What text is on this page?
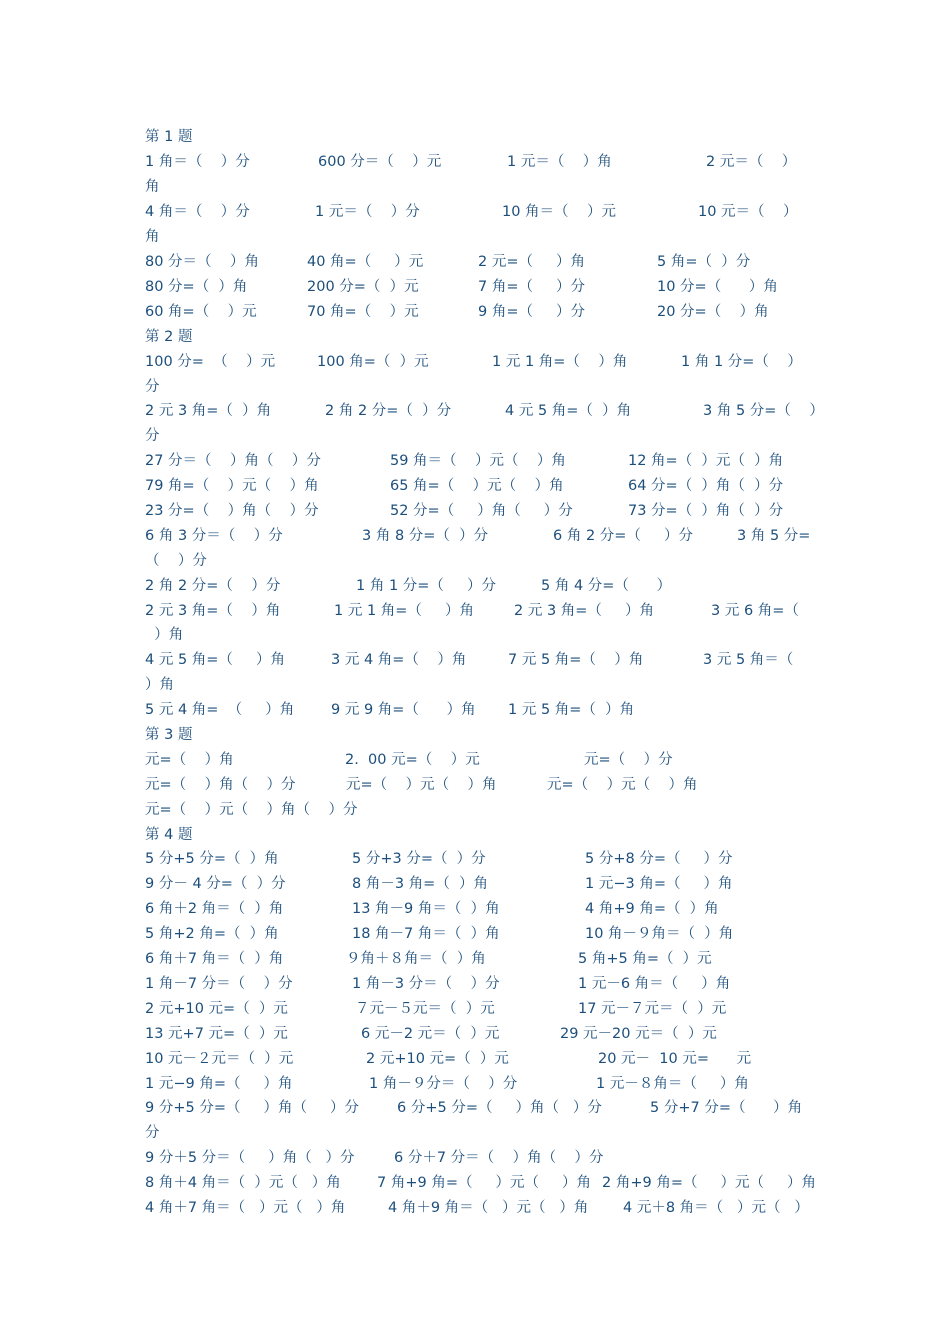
第 1 题
1 角＝（    ）分	600 分＝（    ）元	1 元＝（    ）角	2 元＝（    ）
角
4 角＝（    ）分	1 元＝（    ）分	10 角＝（    ）元	10 元＝（    ）
角
80 分＝（    ）角	40 角=（     ）元	2 元=（     ）角	5 角=（  ）分
80 分=（  ）角	200 分=（  ）元	7 角=（     ）分	10 分=（      ）角
60 角=（    ）元	70 角=（    ）元	9 角=（     ）分	20 分=（    ）角
第 2 题
100 分=  （    ）元	100 角=（  ）元	1 元 1 角=（    ）角	1 角 1 分=（    ）
分
2 元 3 角=（  ）角	2 角 2 分=（  ）分	4 元 5 角=（  ）角	3 角 5 分=（    ）
分
27 分＝（    ）角（    ）分	59 角＝（    ）元（    ）角	12 角=（  ）元（  ）角
79 角=（    ）元（    ）角	65 角=（    ）元（    ）角	64 分=（  ）角（  ）分
23 分=（    ）角（    ）分	52 分=（     ）角（     ）分	73 分=（  ）角（  ）分
6 角 3 分＝（    ）分	3 角 8 分=（  ）分	6 角 2 分=（     ）分	3 角 5 分=
（    ）分
2 角 2 分=（    ）分	1 角 1 分=（     ）分	5 角 4 分=（      ）
2 元 3 角=（    ）角	1 元 1 角=（     ）角	2 元 3 角=（     ）角	3 元 6 角=（
）角
4 元 5 角=（     ）角	3 元 4 角=（    ）角	7 元 5 角=（    ）角	3 元 5 角＝（
）角
5 元 4 角=  （     ）角	9 元 9 角=（      ）角 1 元 5 角=（  ）角
第 3 题
元=（    ）角	2.  00 元=（    ）元	元=（    ）分
元=（    ）角（    ）分	元=（    ）元（    ）角	元=（    ）元（    ）角
元=（    ）元（    ）角（    ）分
第 4 题
5 分+5 分=（  ）角	5 分+3 分=（  ）分	5 分+8 分=（     ）分
9 分－ 4 分=（  ）分	8 角－3 角=（  ）角	1 元−3 角=（     ）角
6 角＋2 角＝（  ）角	13 角－9 角＝（  ）角	4 角+9 角=（  ）角
5 角+2 角=（  ）角	18 角－7 角＝（  ）角	10 角－９角＝（  ）角
6 角＋7 角＝（  ）角	９角＋８角＝（  ）角	5 角+5 角=（  ）元
1 角－7 分＝（    ）分	1 角－3 分＝（    ）分	1 元－6 角＝（     ）角
2 元+10 元=（  ）元	７元－５元＝（  ）元	17 元－７元＝（  ）元
13 元+7 元=（  ）元	6 元－2 元＝（  ）元	29 元－20 元＝（  ）元
10 元－２元＝（  ）元	2 元+10 元=（  ）元	20 元－  10 元=      元
1 元−9 角=（     ）角	1 角－９分＝（    ）分	1 元－８角＝（     ）角
9 分+5 分=（     ）角（     ）分	6 分+5 分=（     ）角（   ）分	5 分+7 分=（      ）角
分
9 分＋5 分＝（     ）角（   ）分	6 分＋7 分＝（    ）角（    ）分
8 角＋4 角＝（  ）元（   ）角	7 角+9 角=（     ）元（     ）角 2 角+9 角=（     ）元（     ）角
4 角＋7 角＝（   ）元（   ）角	4 角＋9 角＝（   ）元（   ）角 4 元＋8 角＝（   ）元（   ）
